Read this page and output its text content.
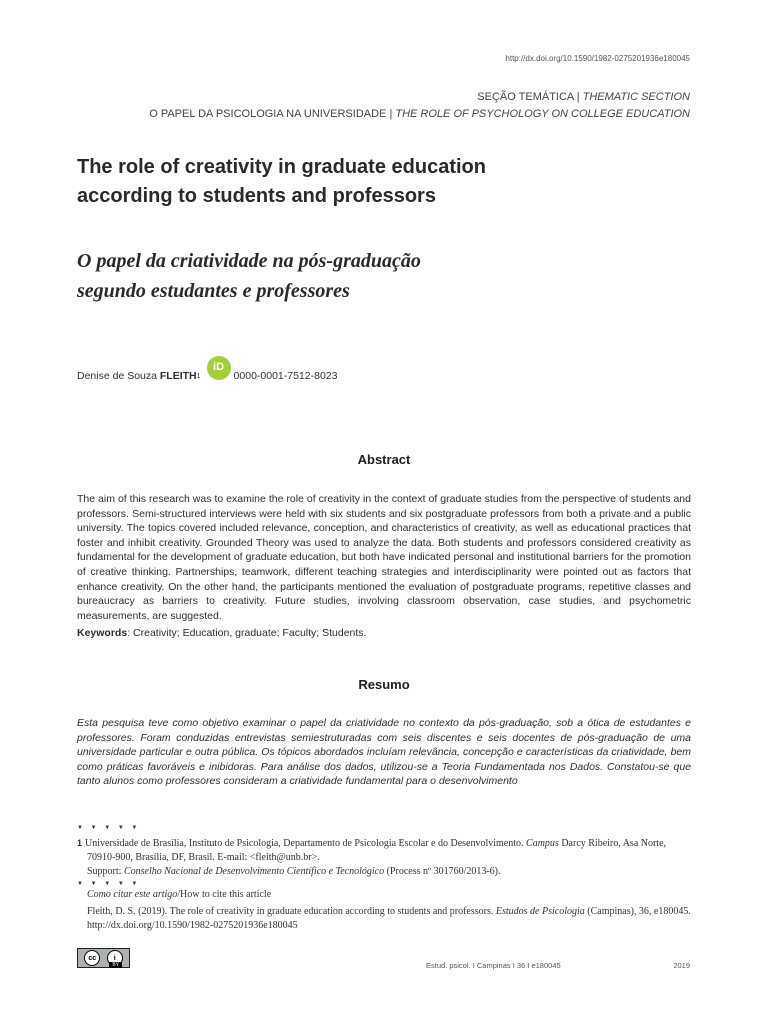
http://dx.doi.org/10.1590/1982-0275201936e180045
SEÇÃO TEMÁTICA | THEMATIC SECTION
O PAPEL DA PSICOLOGIA NA UNIVERSIDADE | THE ROLE OF PSYCHOLOGY ON COLLEGE EDUCATION
The role of creativity in graduate education
according to students and professors
O papel da criatividade na pós-graduação
segundo estudantes e professores
Denise de Souza FLEITH 1
iD
0000-0001-7512-8023
Abstract

The aim of this research was to examine the role of creativity in the context of graduate studies from the perspective of students and professors. Semi-structured interviews were held with six students and six postgraduate professors from both a private and a public university. The topics covered included relevance, conception, and characteristics of creativity, as well as educational practices that foster and inhibit creativity. Grounded Theory was used to analyze the data. Both students and professors considered creativity as fundamental for the development of graduate education, but both have indicated personal and institutional barriers for the promotion of creative thinking. Partnerships, teamwork, different teaching strategies and interdisciplinarity were pointed out as factors that enhance creativity. On the other hand, the participants mentioned the evaluation of postgraduate programs, repetitive classes and bureaucracy as barriers to creativity. Future studies, involving classroom observation, case studies, and psychometric measurements, are suggested.

Keywords: Creativity; Education, graduate; Faculty; Students.
Resumo

Esta pesquisa teve como objetivo examinar o papel da criatividade no contexto da pós-graduação, sob a ótica de estudantes e professores. Foram conduzidas entrevistas semiestruturadas com seis discentes e seis docentes de pós-graduação de uma universidade particular e outra pública. Os tópicos abordados incluíam relevância, concepção e características da criatividade, bem como práticas favoráveis e inibidoras. Para análise dos dados, utilizou-se a Teoria Fundamentada nos Dados. Constatou-se que tanto alunos como professores consideram a criatividade fundamental para o desenvolvimento

▼ ▼ ▼ ▼ ▼
1 Universidade de Brasília, Instituto de Psicologia, Departamento de Psicologia Escolar e do Desenvolvimento. Campus Darcy Ribeiro, Asa Norte, 70910-900, Brasília, DF, Brasil. E-mail: <fleith@unb.br>.
Support: Conselho Nacional de Desenvolvimento Científico e Tecnológico (Process nº 301760/2013-6).
▼ ▼ ▼ ▼ ▼
Como citar este artigo/How to cite this article
Fleith, D. S. (2019). The role of creativity in graduate education according to students and professors. Estudos de Psicologia (Campinas), 36, e180045. http://dx.doi.org/10.1590/1982-0275201936e180045
cc	i
BY	Estud. psicol. I Campinas I 36 I e180045	2019
